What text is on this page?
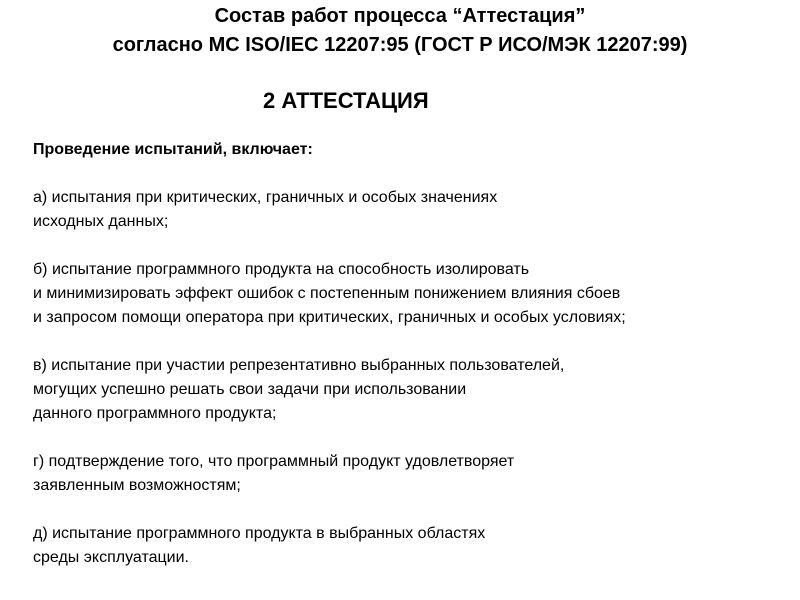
Состав работ процесса “Аттестация”
согласно МС ISO/IEC 12207:95 (ГОСТ Р ИСО/МЭК 12207:99)
2 АТТЕСТАЦИЯ
Проведение испытаний, включает:
а) испытания при критических, граничных и особых значениях
исходных данных;
б) испытание программного продукта на способность изолировать
и минимизировать эффект ошибок с постепенным понижением влияния сбоев
и запросом помощи оператора при критических, граничных и особых условиях;
в) испытание при участии репрезентативно выбранных пользователей,
могущих успешно решать свои задачи при использовании
данного программного продукта;
г) подтверждение того, что программный продукт удовлетворяет
заявленным возможностям;
д) испытание программного продукта в выбранных областях
среды эксплуатации.
